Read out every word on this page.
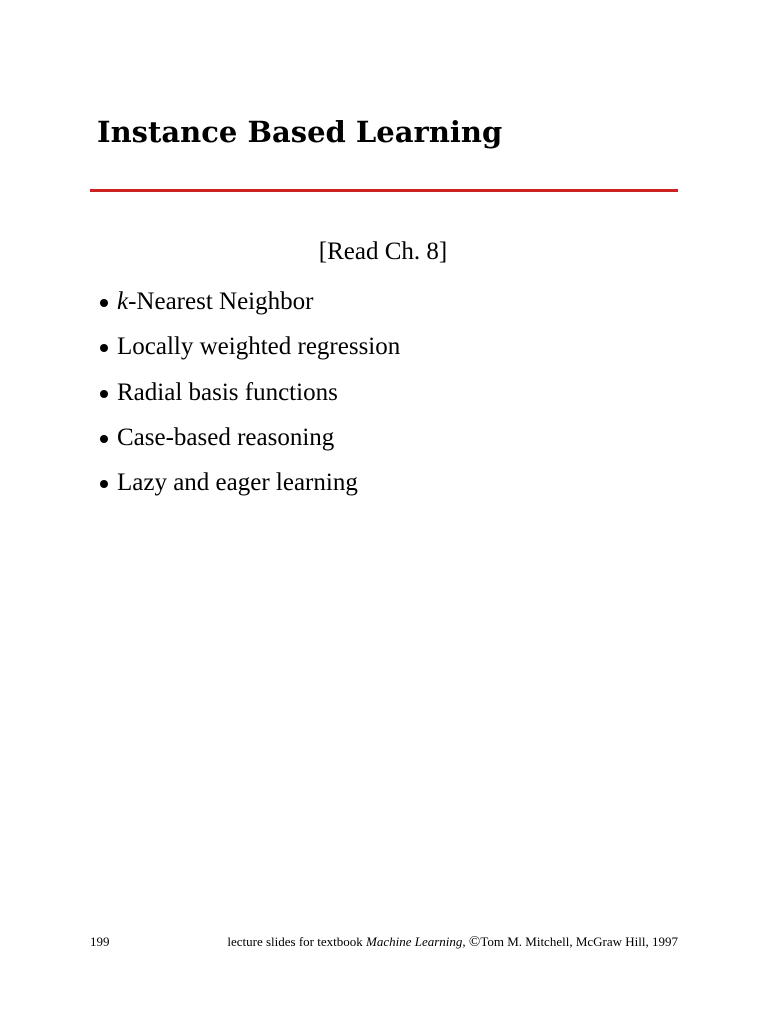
Instance Based Learning
[Read Ch. 8]
k-Nearest Neighbor
Locally weighted regression
Radial basis functions
Case-based reasoning
Lazy and eager learning
199	lecture slides for textbook Machine Learning, ©Tom M. Mitchell, McGraw Hill, 1997
